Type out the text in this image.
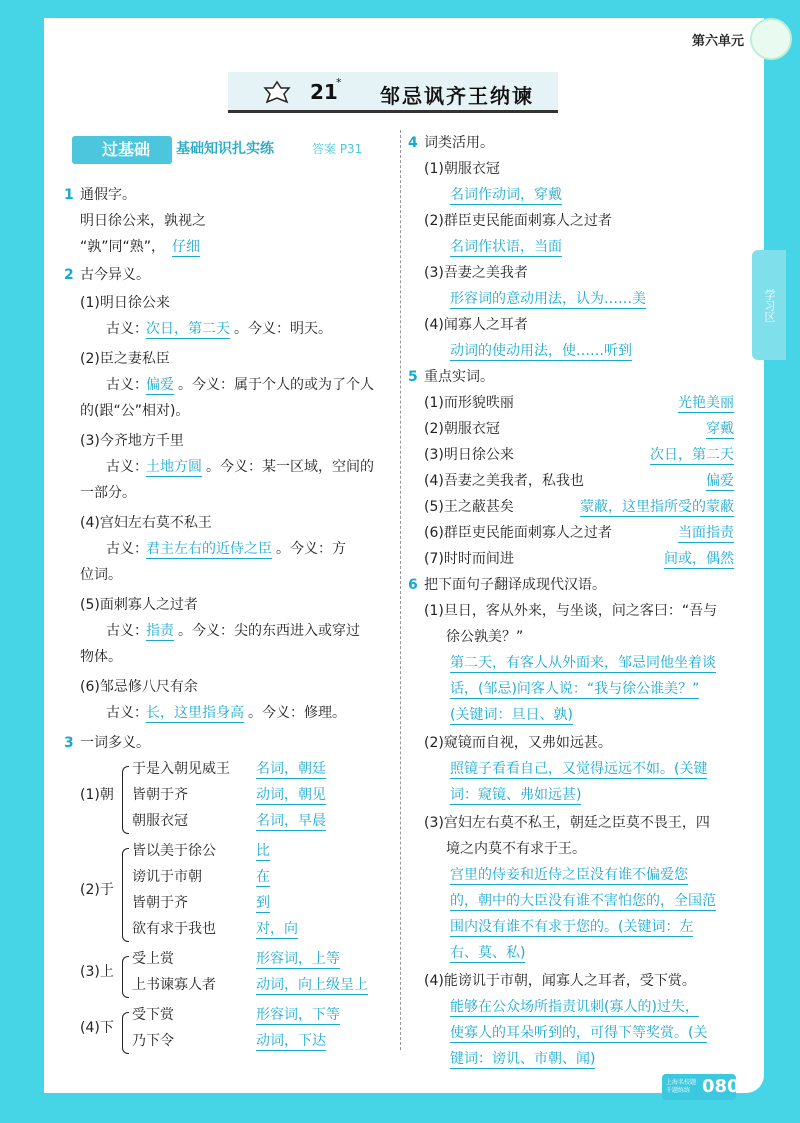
第六单元
学习区
21
*
邹忌讽齐王纳谏
过基础	基础知识扎实练	答案 P31
1 通假字。
明日徐公来，孰视之
“孰”同“熟”， 仔细
2 古今异义。
(1)明日徐公来
古义：
次日，第二天 。今义：明天。
(2)臣之妻私臣
古义：
偏爱 。今义：属于个人的或为了个人
的(跟“公”相对)。
(3)今齐地方千里
古义：
土地方圆 。今义：某一区域，空间的
一部分。
(4)宫妇左右莫不私王
古义：
君主左右的近侍之臣 。今义：方
位词。
(5)面刺寡人之过者
古义：
指责 。今义：尖的东西进入或穿过
物体。
(6)邹忌修八尺有余
古义：
长，这里指身高 。今义：修理。
3 一词多义。
(1)朝
于是入朝见威王 名词，朝廷
皆朝于齐	动词，朝见
朝服衣冠	名词，早晨
(2)于
皆以美于徐公	比
谤讥于市朝	在
皆朝于齐	到
欲有求于我也	对，向
(3)上
受上赏	形容词，上等
上书谏寡人者	动词，向上级呈上
(4)下
受下赏	形容词，下等
乃下令	动词，下达
4 词类活用。
(1)朝服衣冠
名词作动词，穿戴
(2)群臣吏民能面刺寡人之过者
名词作状语，当面
(3)吾妻之美我者
形容词的意动用法，认为……美
(4)闻寡人之耳者
动词的使动用法，使……听到
5 重点实词。
(1)而形貌昳丽	光艳美丽
(2)朝服衣冠	穿戴
(3)明日徐公来	次日，第二天
(4)吾妻之美我者，私我也	偏爱
(5)王之蔽甚矣	蒙蔽，这里指所受的蒙蔽
(6)群臣吏民能面刺寡人之过者	当面指责
(7)时时而间进	间或，偶然
6 把下面句子翻译成现代汉语。
(1)旦日，客从外来，与坐谈，问之客曰：“吾与
徐公孰美？”
第二天，有客人从外面来，邹忌同他坐着谈
话，(邹忌)问客人说：“我与徐公谁美？”
(关键词：旦日、孰)
(2)窥镜而自视，又弗如远甚。
照镜子看看自己，又觉得远远不如。(关键
词：窥镜、弗如远甚)
(3)宫妇左右莫不私王，朝廷之臣莫不畏王，四
境之内莫不有求于王。
宫里的侍妾和近侍之臣没有谁不偏爱您
的，朝中的大臣没有谁不害怕您的，全国范
围内没有谁不有求于您的。(关键词：左
右、莫、私)
(4)能谤讥于市朝，闻寡人之耳者，受下赏。
能够在公众场所指责讥刺(寡人的)过失，
使寡人的耳朵听到的，可得下等奖赏。(关
键词：谤讥、市朝、闻)
上海名校题
千题练练 080
